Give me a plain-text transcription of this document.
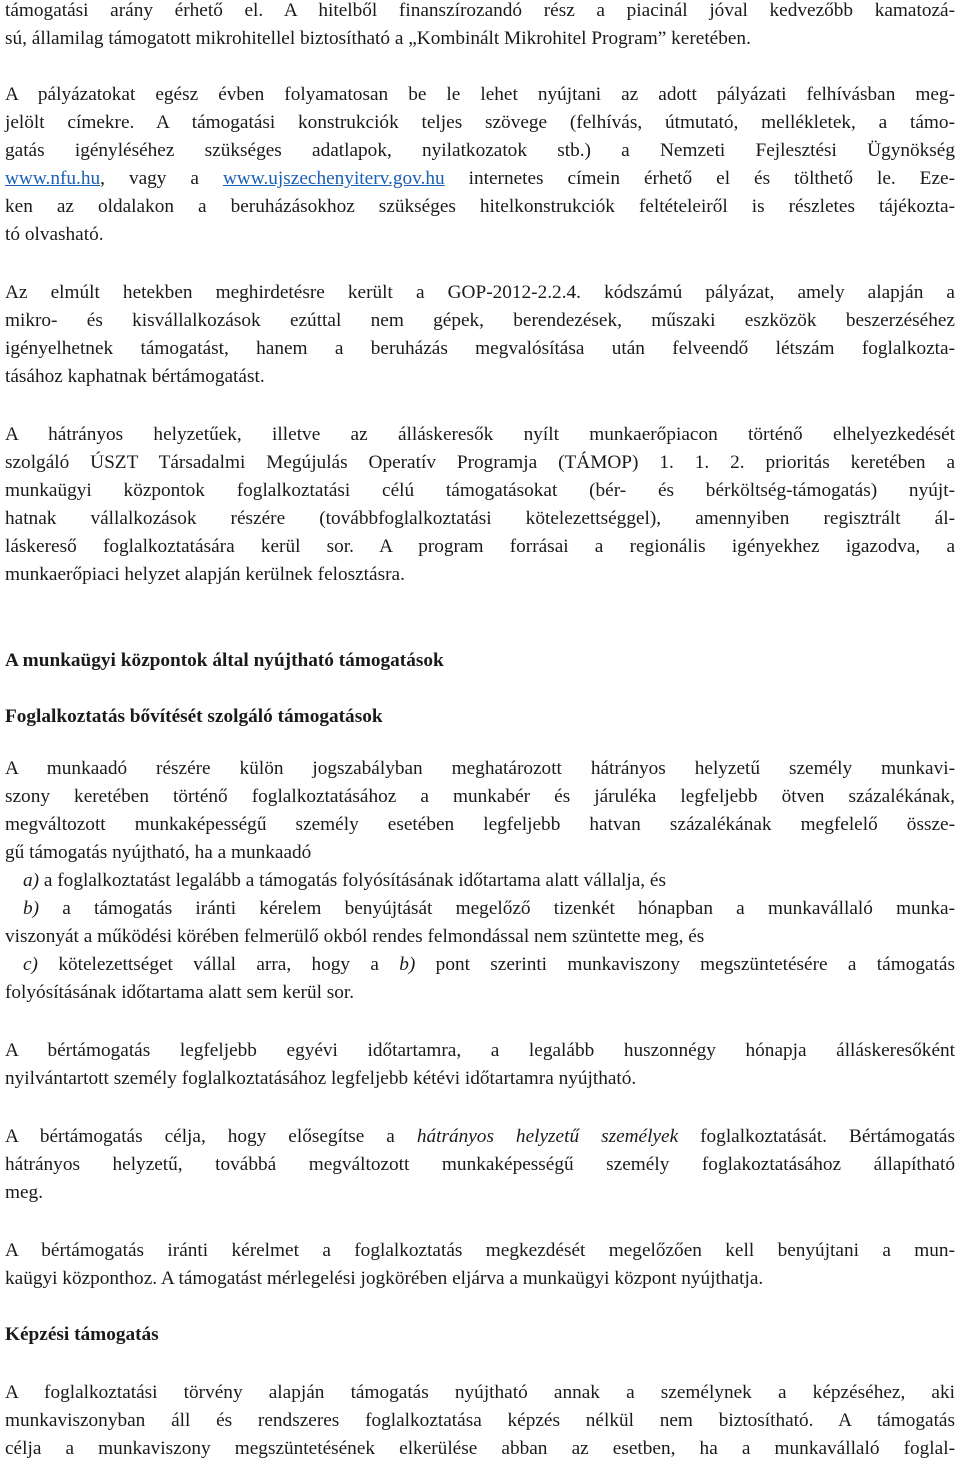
támogatási arány érhető el. A hitelből finanszírozandó rész a piacinál jóval kedvezőbb kamatozá-
sú, államilag támogatott mikrohitellel biztosítható a „Kombinált Mikrohitel Program” keretében.
A pályázatokat egész évben folyamatosan be le lehet nyújtani az adott pályázati felhívásban meg-
jelölt címekre. A támogatási konstrukciók teljes szövege (felhívás, útmutató, mellékletek, a támo-
gatás igényléséhez szükséges adatlapok, nyilatkozatok stb.) a Nemzeti Fejlesztési Ügynökség
www.nfu.hu, vagy a www.ujszechenyiterv.gov.hu internetes címein érhető el és tölthető le. Eze-
ken az oldalakon a beruházásokhoz szükséges hitelkonstrukciók feltételeiről is részletes tájékozta-
tó olvasható.
Az elmúlt hetekben meghirdetésre került a GOP-2012-2.2.4. kódszámú pályázat, amely alapján a
mikro- és kisvállalkozások ezúttal nem gépek, berendezések, műszaki eszközök beszerzéséhez
igényelhetnek támogatást, hanem a beruházás megvalósítása után felveendő létszám foglalkozta-
tásához kaphatnak bértámogatást.
A hátrányos helyzetűek, illetve az álláskeresők nyílt munkaerőpiacon történő elhelyezkedését
szolgáló ÚSZT Társadalmi Megújulás Operatív Programja (TÁMOP) 1. 1. 2. prioritás keretében a
munkaügyi központok foglalkoztatási célú támogatásokat (bér- és bérköltség-támogatás) nyújt-
hatnak vállalkozások részére (továbbfoglalkoztatási kötelezettséggel), amennyiben regisztrált ál-
láskereső foglalkoztatására kerül sor. A program forrásai a regionális igényekhez igazodva, a
munkaerőpiaci helyzet alapján kerülnek felosztásra.
A munkaügyi központok által nyújtható támogatások
Foglalkoztatás bővítését szolgáló támogatások
A munkaadó részére külön jogszabályban meghatározott hátrányos helyzetű személy munkavi-
szony keretében történő foglalkoztatásához a munkabér és járuléka legfeljebb ötven százalékának,
megváltozott munkaképességű személy esetében legfeljebb hatvan százalékának megfelelő össze-
gű támogatás nyújtható, ha a munkaadó
a) a foglalkoztatást legalább a támogatás folyósításának időtartama alatt vállalja, és
b) a támogatás iránti kérelem benyújtását megelőző tizenkét hónapban a munkavállaló munka-
viszonyát a működési körében felmerülő okból rendes felmondással nem szüntette meg, és
c) kötelezettséget vállal arra, hogy a b) pont szerinti munkaviszony megszüntetésére a támogatás
folyósításának időtartama alatt sem kerül sor.
A bértámogatás legfeljebb egyévi időtartamra, a legalább huszonnégy hónapja álláskeresőként
nyilvántartott személy foglalkoztatásához legfeljebb kétévi időtartamra nyújtható.
A bértámogatás célja, hogy elősegítse a hátrányos helyzetű személyek foglalkoztatását. Bértámogatás
hátrányos helyzetű, továbbá megváltozott munkaképességű személy foglakoztatásához állapítható
meg.
A bértámogatás iránti kérelmet a foglalkoztatás megkezdését megelőzően kell benyújtani a mun-
kaügyi központhoz. A támogatást mérlegelési jogkörében eljárva a munkaügyi központ nyújthatja.
Képzési támogatás
A foglalkoztatási törvény alapján támogatás nyújtható annak a személynek a képzéséhez, aki
munkaviszonyban áll és rendszeres foglalkoztatása képzés nélkül nem biztosítható. A támogatás
célja a munkaviszony megszüntetésének elkerülése abban az esetben, ha a munkavállaló foglal-
